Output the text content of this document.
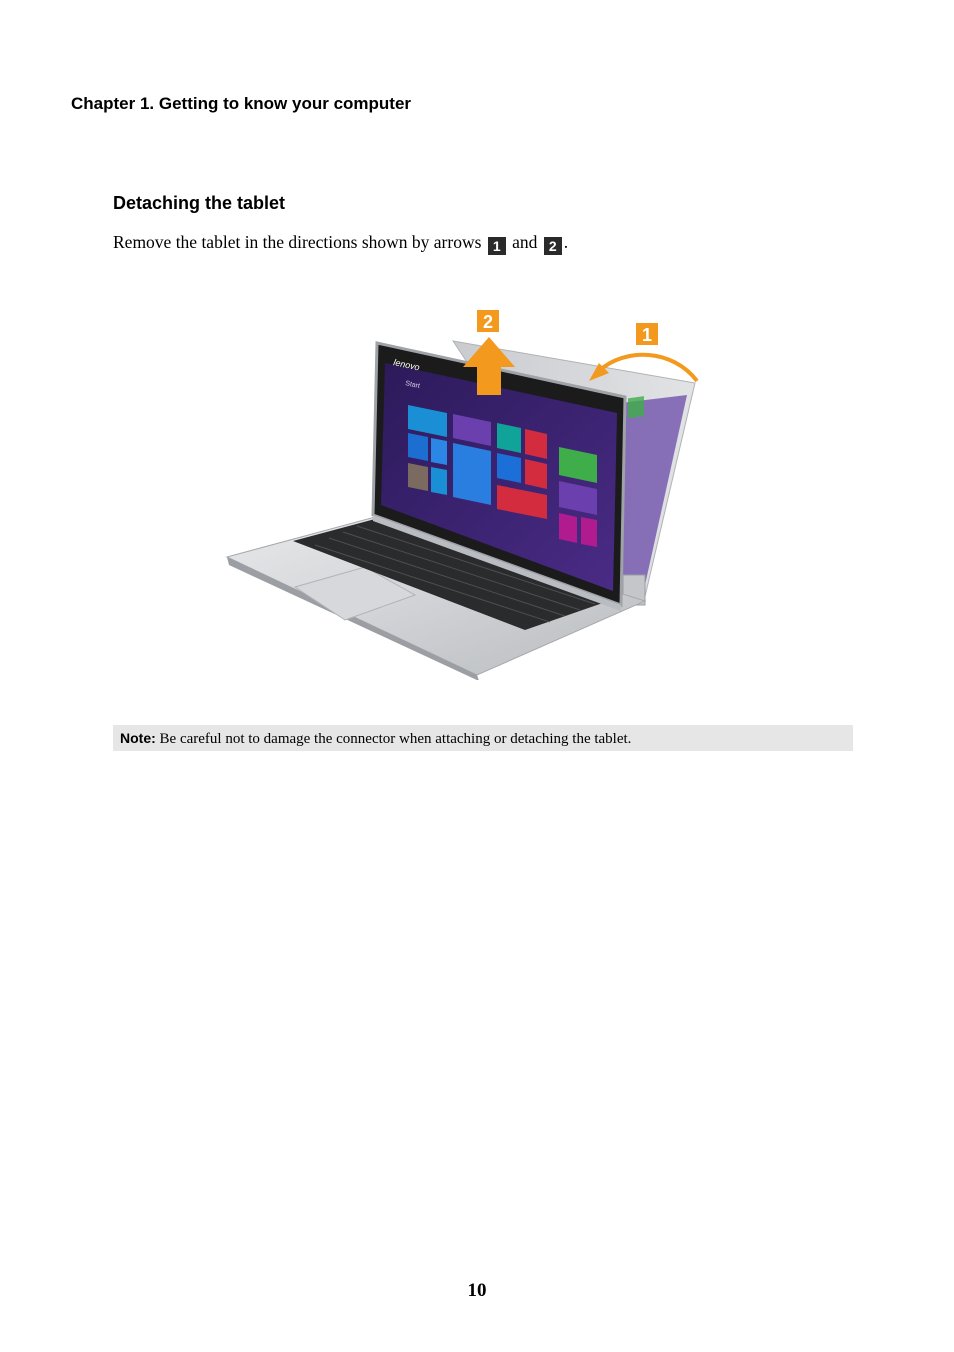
Chapter 1. Getting to know your computer
Detaching the tablet
Remove the tablet in the directions shown by arrows 1 and 2 .
lenovo
Start
2
1
Note: Be careful not to damage the connector when attaching or detaching the tablet.
10
